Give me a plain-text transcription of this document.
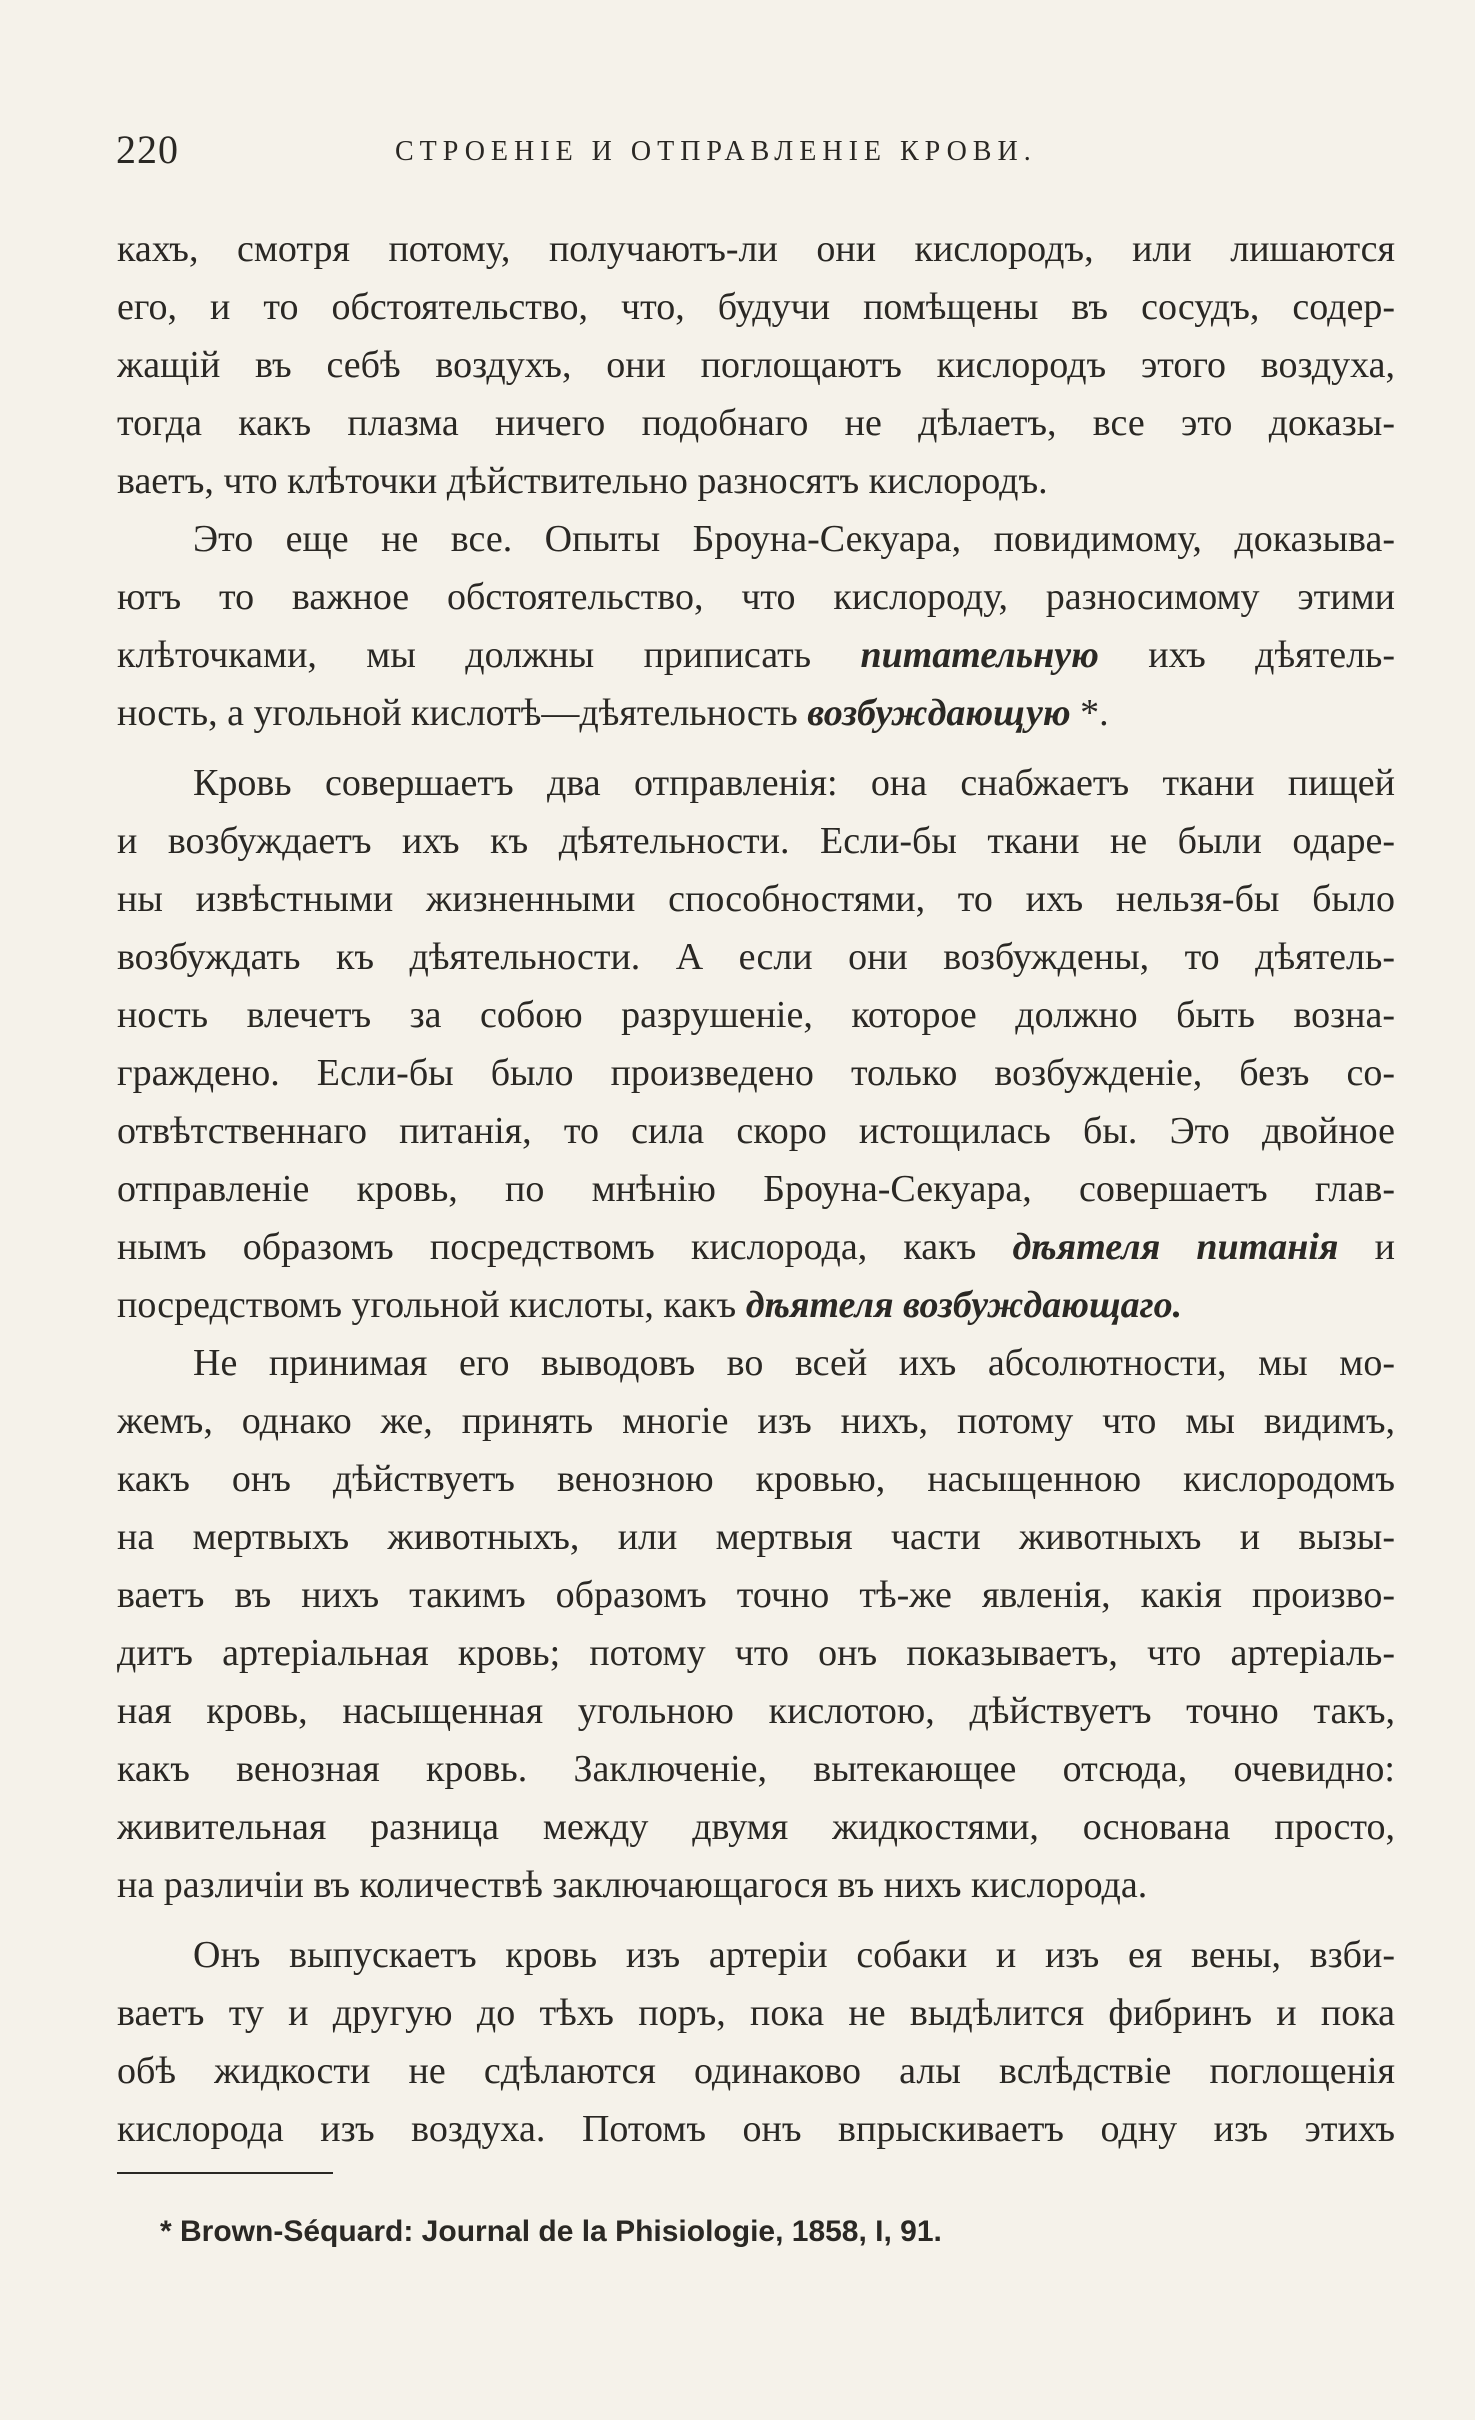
220	СТРОЕНІЕ И ОТПРАВЛЕНІЕ КРОВИ.
кахъ, смотря потому, получаютъ-ли они кислородъ, или лишаются
его, и то обстоятельство, что, будучи помѣщены въ сосудъ, содер-
жащій въ себѣ воздухъ, они поглощаютъ кислородъ этого воздуха,
тогда какъ плазма ничего подобнаго не дѣлаетъ, все это доказы-
ваетъ, что клѣточки дѣйствительно разносятъ кислородъ.
Это еще не все. Опыты Броуна-Секуара, повидимому, доказыва-
ютъ то важное обстоятельство, что кислороду, разносимому этими
клѣточками, мы должны приписать питательную ихъ дѣятель-
ность, а угольной кислотѣ—дѣятельность возбуждающую *.
Кровь совершаетъ два отправленія: она снабжаетъ ткани пищей
и возбуждаетъ ихъ къ дѣятельности. Если-бы ткани не были одаре-
ны извѣстными жизненными способностями, то ихъ нельзя-бы было
возбуждать къ дѣятельности. А если они возбуждены, то дѣятель-
ность влечетъ за собою разрушеніе, которое должно быть возна-
граждено. Если-бы было произведено только возбужденіе, безъ со-
отвѣтственнаго питанія, то сила скоро истощилась бы. Это двойное
отправленіе кровь, по мнѣнію Броуна-Секуара, совершаетъ глав-
нымъ образомъ посредствомъ кислорода, какъ дѣятеля питанія и
посредствомъ угольной кислоты, какъ дѣятеля возбуждающаго.
Не принимая его выводовъ во всей ихъ абсолютности, мы мо-
жемъ, однако же, принять многіе изъ нихъ, потому что мы видимъ,
какъ онъ дѣйствуетъ венозною кровью, насыщенною кислородомъ
на мертвыхъ животныхъ, или мертвыя части животныхъ и вызы-
ваетъ въ нихъ такимъ образомъ точно тѣ-же явленія, какія произво-
дитъ артеріальная кровь; потому что онъ показываетъ, что артеріаль-
ная кровь, насыщенная угольною кислотою, дѣйствуетъ точно такъ,
какъ венозная кровь. Заключеніе, вытекающее отсюда, очевидно:
живительная разница между двумя жидкостями, основана просто,
на различіи въ количествѣ заключающагося въ нихъ кислорода.
Онъ выпускаетъ кровь изъ артеріи собаки и изъ ея вены, взби-
ваетъ ту и другую до тѣхъ поръ, пока не выдѣлится фибринъ и пока
обѣ жидкости не сдѣлаются одинаково алы вслѣдствіе поглощенія
кислорода изъ воздуха. Потомъ онъ впрыскиваетъ одну изъ этихъ
* Brown-Séquard: Journal de la Phisiologie, 1858, I, 91.
